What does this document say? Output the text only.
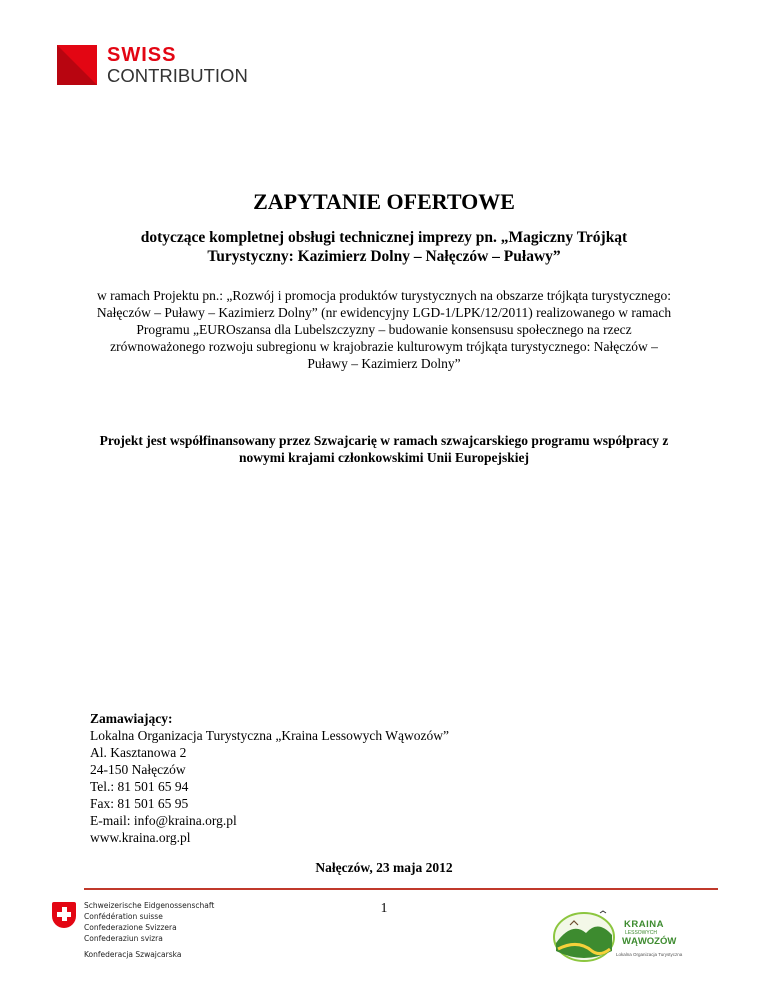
SWISS
CONTRIBUTION
ZAPYTANIE OFERTOWE
dotyczące kompletnej obsługi technicznej imprezy pn. „Magiczny Trójkąt Turystyczny: Kazimierz Dolny – Nałęczów – Puławy”
w ramach Projektu pn.: „Rozwój i promocja produktów turystycznych na obszarze trójkąta turystycznego: Nałęczów – Puławy – Kazimierz Dolny” (nr ewidencyjny LGD-1/LPK/12/2011) realizowanego w ramach Programu „EUROszansa dla Lubelszczyzny – budowanie konsensusu społecznego na rzecz zrównoważonego rozwoju subregionu w krajobrazie kulturowym trójkąta turystycznego: Nałęczów – Puławy – Kazimierz Dolny”
Projekt jest współfinansowany przez Szwajcarię w ramach szwajcarskiego programu współpracy z nowymi krajami członkowskimi Unii Europejskiej
Zamawiający:
Lokalna Organizacja Turystyczna „Kraina Lessowych Wąwozów”
Al. Kasztanowa 2
24-150 Nałęczów
Tel.: 81 501 65 94
Fax: 81 501 65 95
E-mail: info@kraina.org.pl
www.kraina.org.pl
Nałęczów, 23 maja 2012
Schweizerische Eidgenossenschaft
Confédération suisse
Confederazione Svizzera
Confederaziun svizra
Konfederacja Szwajcarska
1
KRAINA
LESSOWYCH
WĄWOZÓW
Lokalna Organizacja Turystyczna
